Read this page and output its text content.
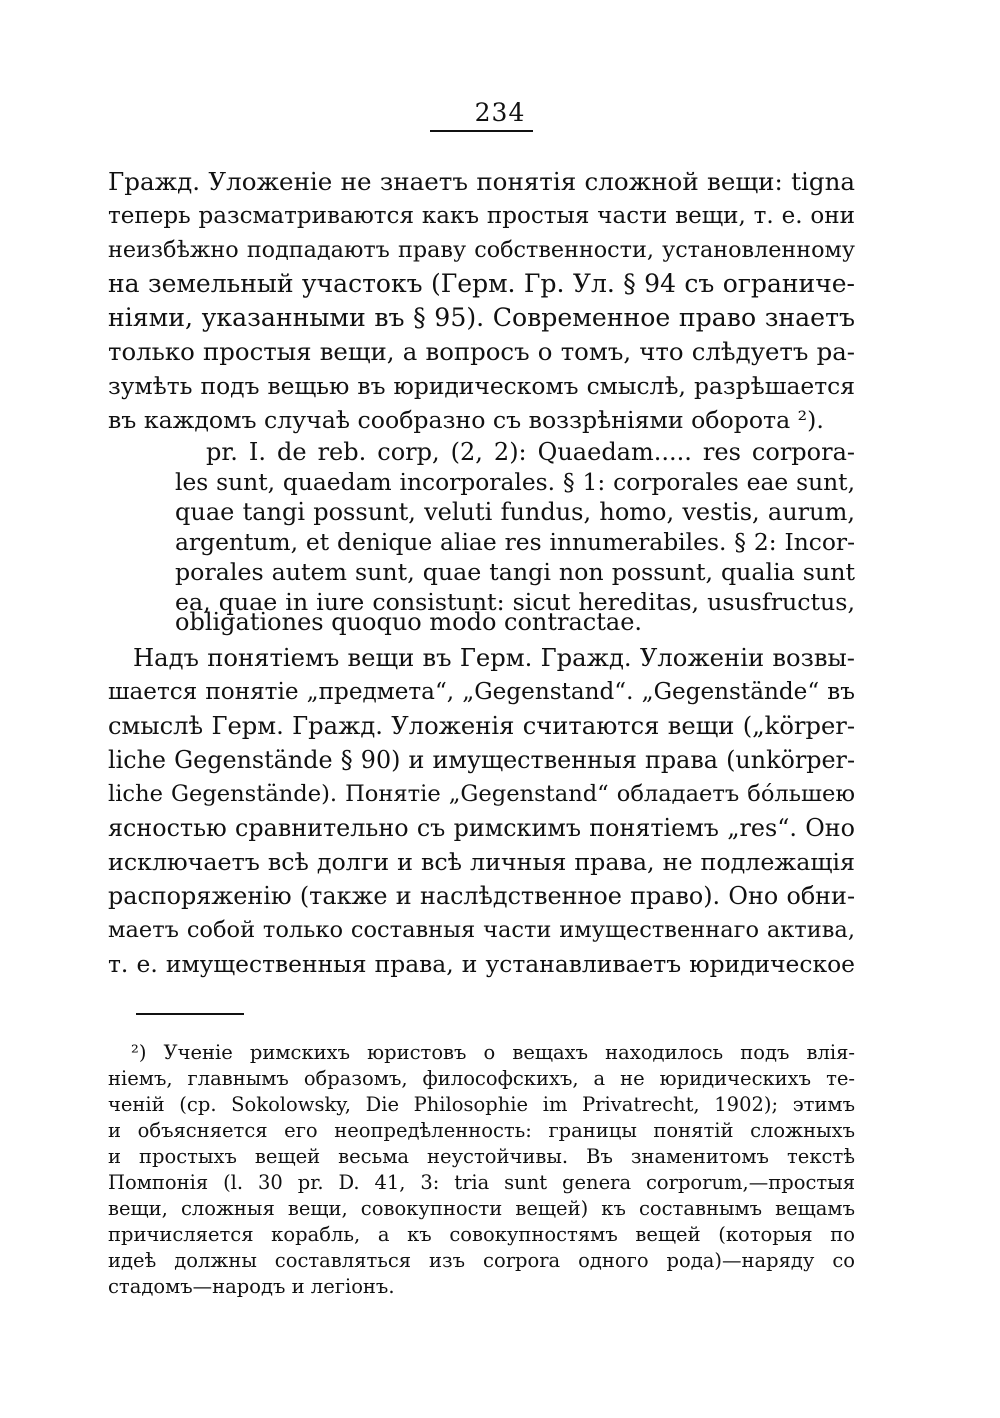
234
Гражд. Уложеніе не знаетъ понятія сложной вещи: tigna
теперь разсматриваются какъ простыя части вещи, т. е. они
неизбѣжно подпадаютъ праву собственности, установленному
на земельный участокъ (Герм. Гр. Ул. § 94 съ ограниче-
ніями, указанными въ § 95). Современное право знаетъ
только простыя вещи, а вопросъ о томъ, что слѣдуетъ ра-
зумѣть подъ вещью въ юридическомъ смыслѣ, разрѣшается
въ каждомъ случаѣ сообразно съ воззрѣніями оборота ²).
pr. I. de reb. corp, (2, 2): Quaedam..... res corpora-
les sunt, quaedam incorporales. § 1: corporales eae sunt,
quae tangi possunt, veluti fundus, homo, vestis, aurum,
argentum, et denique aliae res innumerabiles. § 2: Incor-
porales autem sunt, quae tangi non possunt, qualia sunt
ea, quae in iure consistunt: sicut hereditas, ususfructus,
obligationes quoquo modo contractae.
Надъ понятіемъ вещи въ Герм. Гражд. Уложеніи возвы-
шается понятіе „предмета“, „Gegenstand“. „Gegenstände“ въ
смыслѣ Герм. Гражд. Уложенія считаются вещи („körper-
liche Gegenstände § 90) и имущественныя права (unkörper-
liche Gegenstände). Понятіе „Gegenstand“ обладаетъ бóльшею
ясностью сравнительно съ римскимъ понятіемъ „res“. Оно
исключаетъ всѣ долги и всѣ личныя права, не подлежащія
распоряженію (также и наслѣдственное право). Оно обни-
маетъ собой только составныя части имущественнаго актива,
т. е. имущественныя права, и устанавливаетъ юридическое
²) Ученіе римскихъ юристовъ о вещахъ находилось подъ влія-
ніемъ, главнымъ образомъ, философскихъ, а не юридическихъ те-
ченій (ср. Sokolowsky, Die Philosophie im Privatrecht, 1902); этимъ
и объясняется его неопредѣленность: границы понятій сложныхъ
и простыхъ вещей весьма неустойчивы. Въ знаменитомъ текстѣ
Помпонія (l. 30 pr. D. 41, 3: tria sunt genera corporum,—простыя
вещи, сложныя вещи, совокупности вещей) къ составнымъ вещамъ
причисляется корабль, а къ совокупностямъ вещей (которыя по
идеѣ должны составляться изъ corpora одного рода)—наряду со
стадомъ—народъ и легіонъ.
